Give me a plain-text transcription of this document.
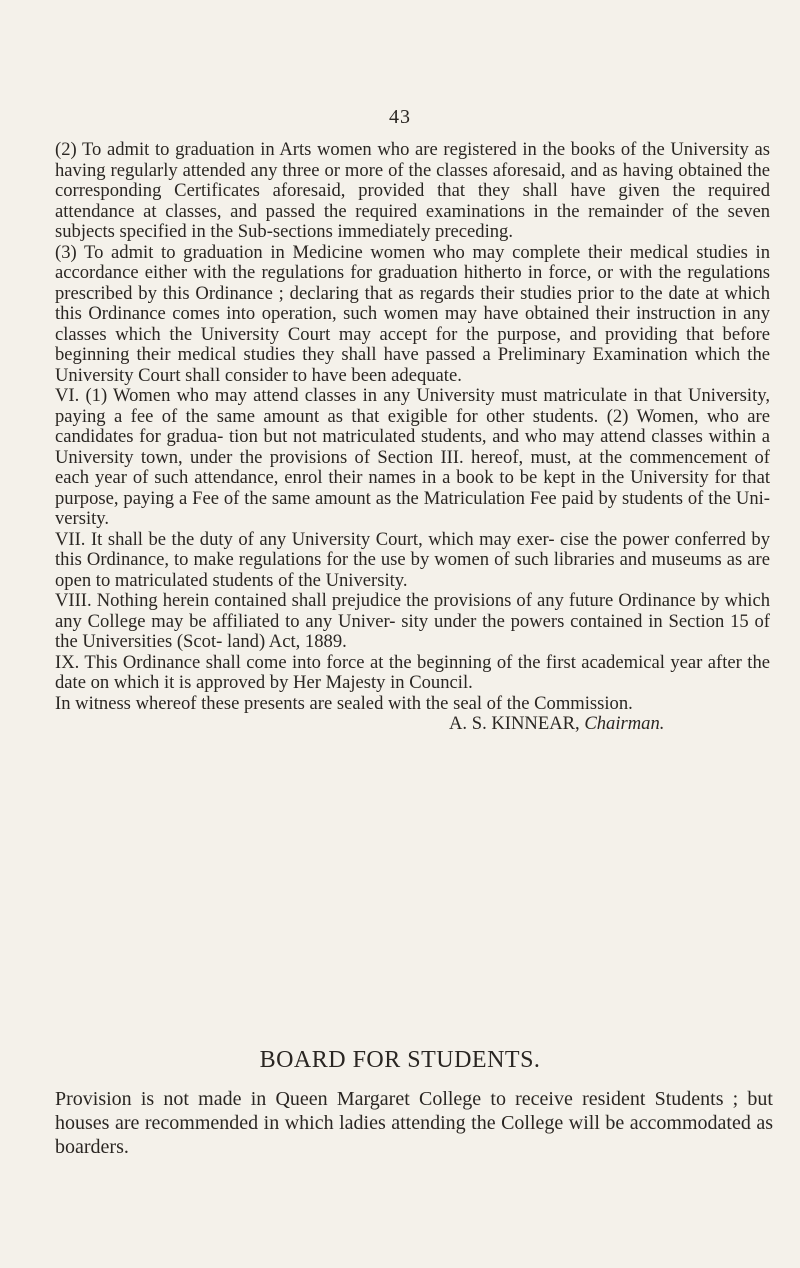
43

(2) To admit to graduation in Arts women who are registered in the books of the University as having regularly attended any three or more of the classes aforesaid, and as having obtained the corresponding Certificates aforesaid, provided that they shall have given the required attendance at classes, and passed the required examinations in the remainder of the seven subjects specified in the Sub-sections immediately preceding.

(3) To admit to graduation in Medicine women who may complete their medical studies in accordance either with the regulations for graduation hitherto in force, or with the regulations prescribed by this Ordinance ; declaring that as regards their studies prior to the date at which this Ordinance comes into operation, such women may have obtained their instruction in any classes which the University Court may accept for the purpose, and providing that before beginning their medical studies they shall have passed a Preliminary Examination which the University Court shall consider to have been adequate.

VI. (1) Women who may attend classes in any University must matriculate in that University, paying a fee of the same amount as that exigible for other students. (2) Women, who are candidates for gradua- tion but not matriculated students, and who may attend classes within a University town, under the provisions of Section III. hereof, must, at the commencement of each year of such attendance, enrol their names in a book to be kept in the University for that purpose, paying a Fee of the same amount as the Matriculation Fee paid by students of the Uni- versity.

VII. It shall be the duty of any University Court, which may exer- cise the power conferred by this Ordinance, to make regulations for the use by women of such libraries and museums as are open to matriculated students of the University.

VIII. Nothing herein contained shall prejudice the provisions of any future Ordinance by which any College may be affiliated to any Univer- sity under the powers contained in Section 15 of the Universities (Scot- land) Act, 1889.

IX. This Ordinance shall come into force at the beginning of the first academical year after the date on which it is approved by Her Majesty in Council.

In witness whereof these presents are sealed with the seal of the Commission.

A. S. KINNEAR, Chairman.

BOARD FOR STUDENTS.

Provision is not made in Queen Margaret College to receive resident Students ; but houses are recommended in which ladies attending the College will be accommodated as boarders.
